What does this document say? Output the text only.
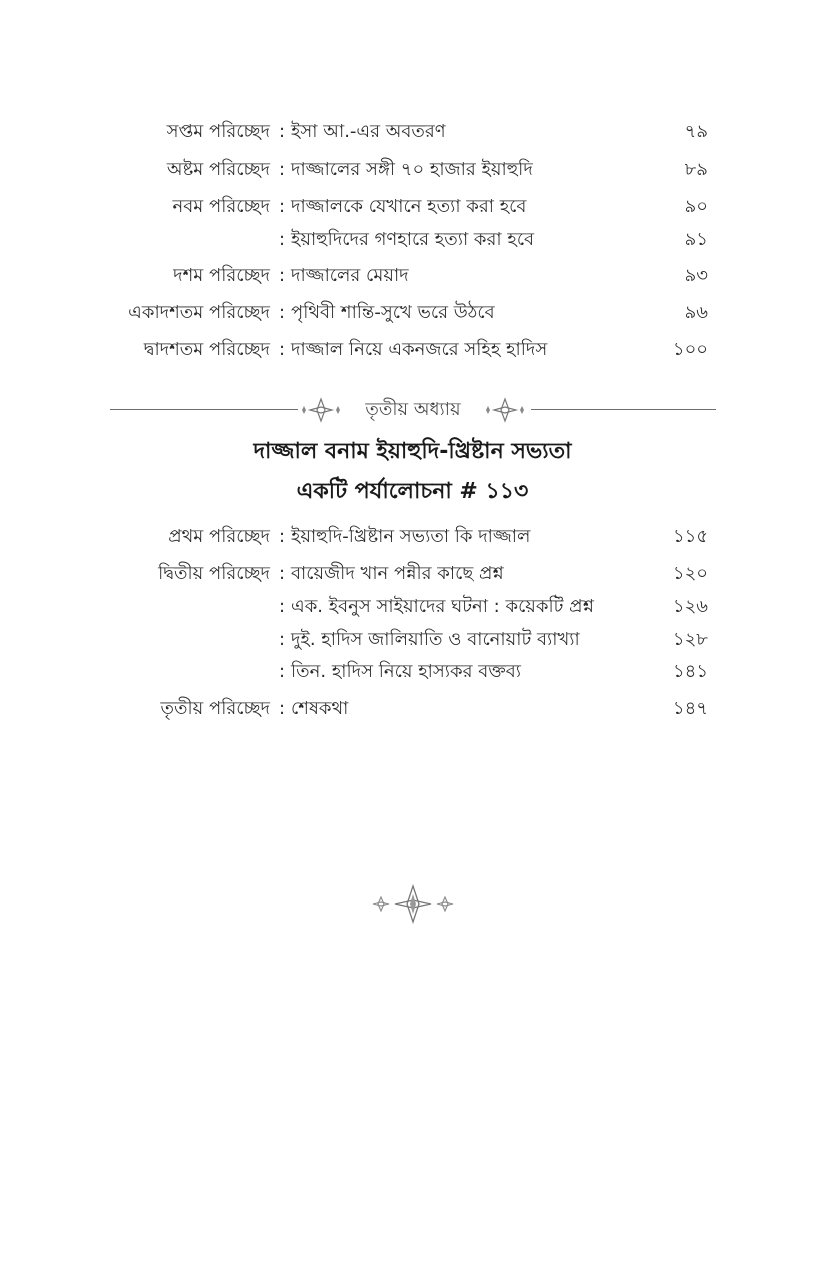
সপ্তম পরিচ্ছেদ : ইসা আ.-এর অবতরণ	৭৯
অষ্টম পরিচ্ছেদ : দাজ্জালের সঙ্গী ৭০ হাজার ইয়াহুদি	৮৯
নবম পরিচ্ছেদ : দাজ্জালকে যেখানে হত্যা করা হবে	৯০
: ইয়াহুদিদের গণহারে হত্যা করা হবে	৯১
দশম পরিচ্ছেদ : দাজ্জালের মেয়াদ	৯৩
একাদশতম পরিচ্ছেদ : পৃথিবী শান্তি-সুখে ভরে উঠবে	৯৬
দ্বাদশতম পরিচ্ছেদ : দাজ্জাল নিয়ে একনজরে সহিহ হাদিস	১০০
তৃতীয় অধ্যায়
দাজ্জাল বনাম ইয়াহুদি-খ্রিষ্টান সভ্যতা
একটি পর্যালোচনা # ১১৩
প্রথম পরিচ্ছেদ : ইয়াহুদি-খ্রিষ্টান সভ্যতা কি দাজ্জাল	১১৫
দ্বিতীয় পরিচ্ছেদ : বায়েজীদ খান পন্নীর কাছে প্রশ্ন	১২০
: এক. ইবনুস সাইয়াদের ঘটনা : কয়েকটি প্রশ্ন	১২৬
: দুই. হাদিস জালিয়াতি ও বানোয়াট ব্যাখ্যা	১২৮
: তিন. হাদিস নিয়ে হাস্যকর বক্তব্য	১৪১
তৃতীয় পরিচ্ছেদ : শেষকথা	১৪৭
